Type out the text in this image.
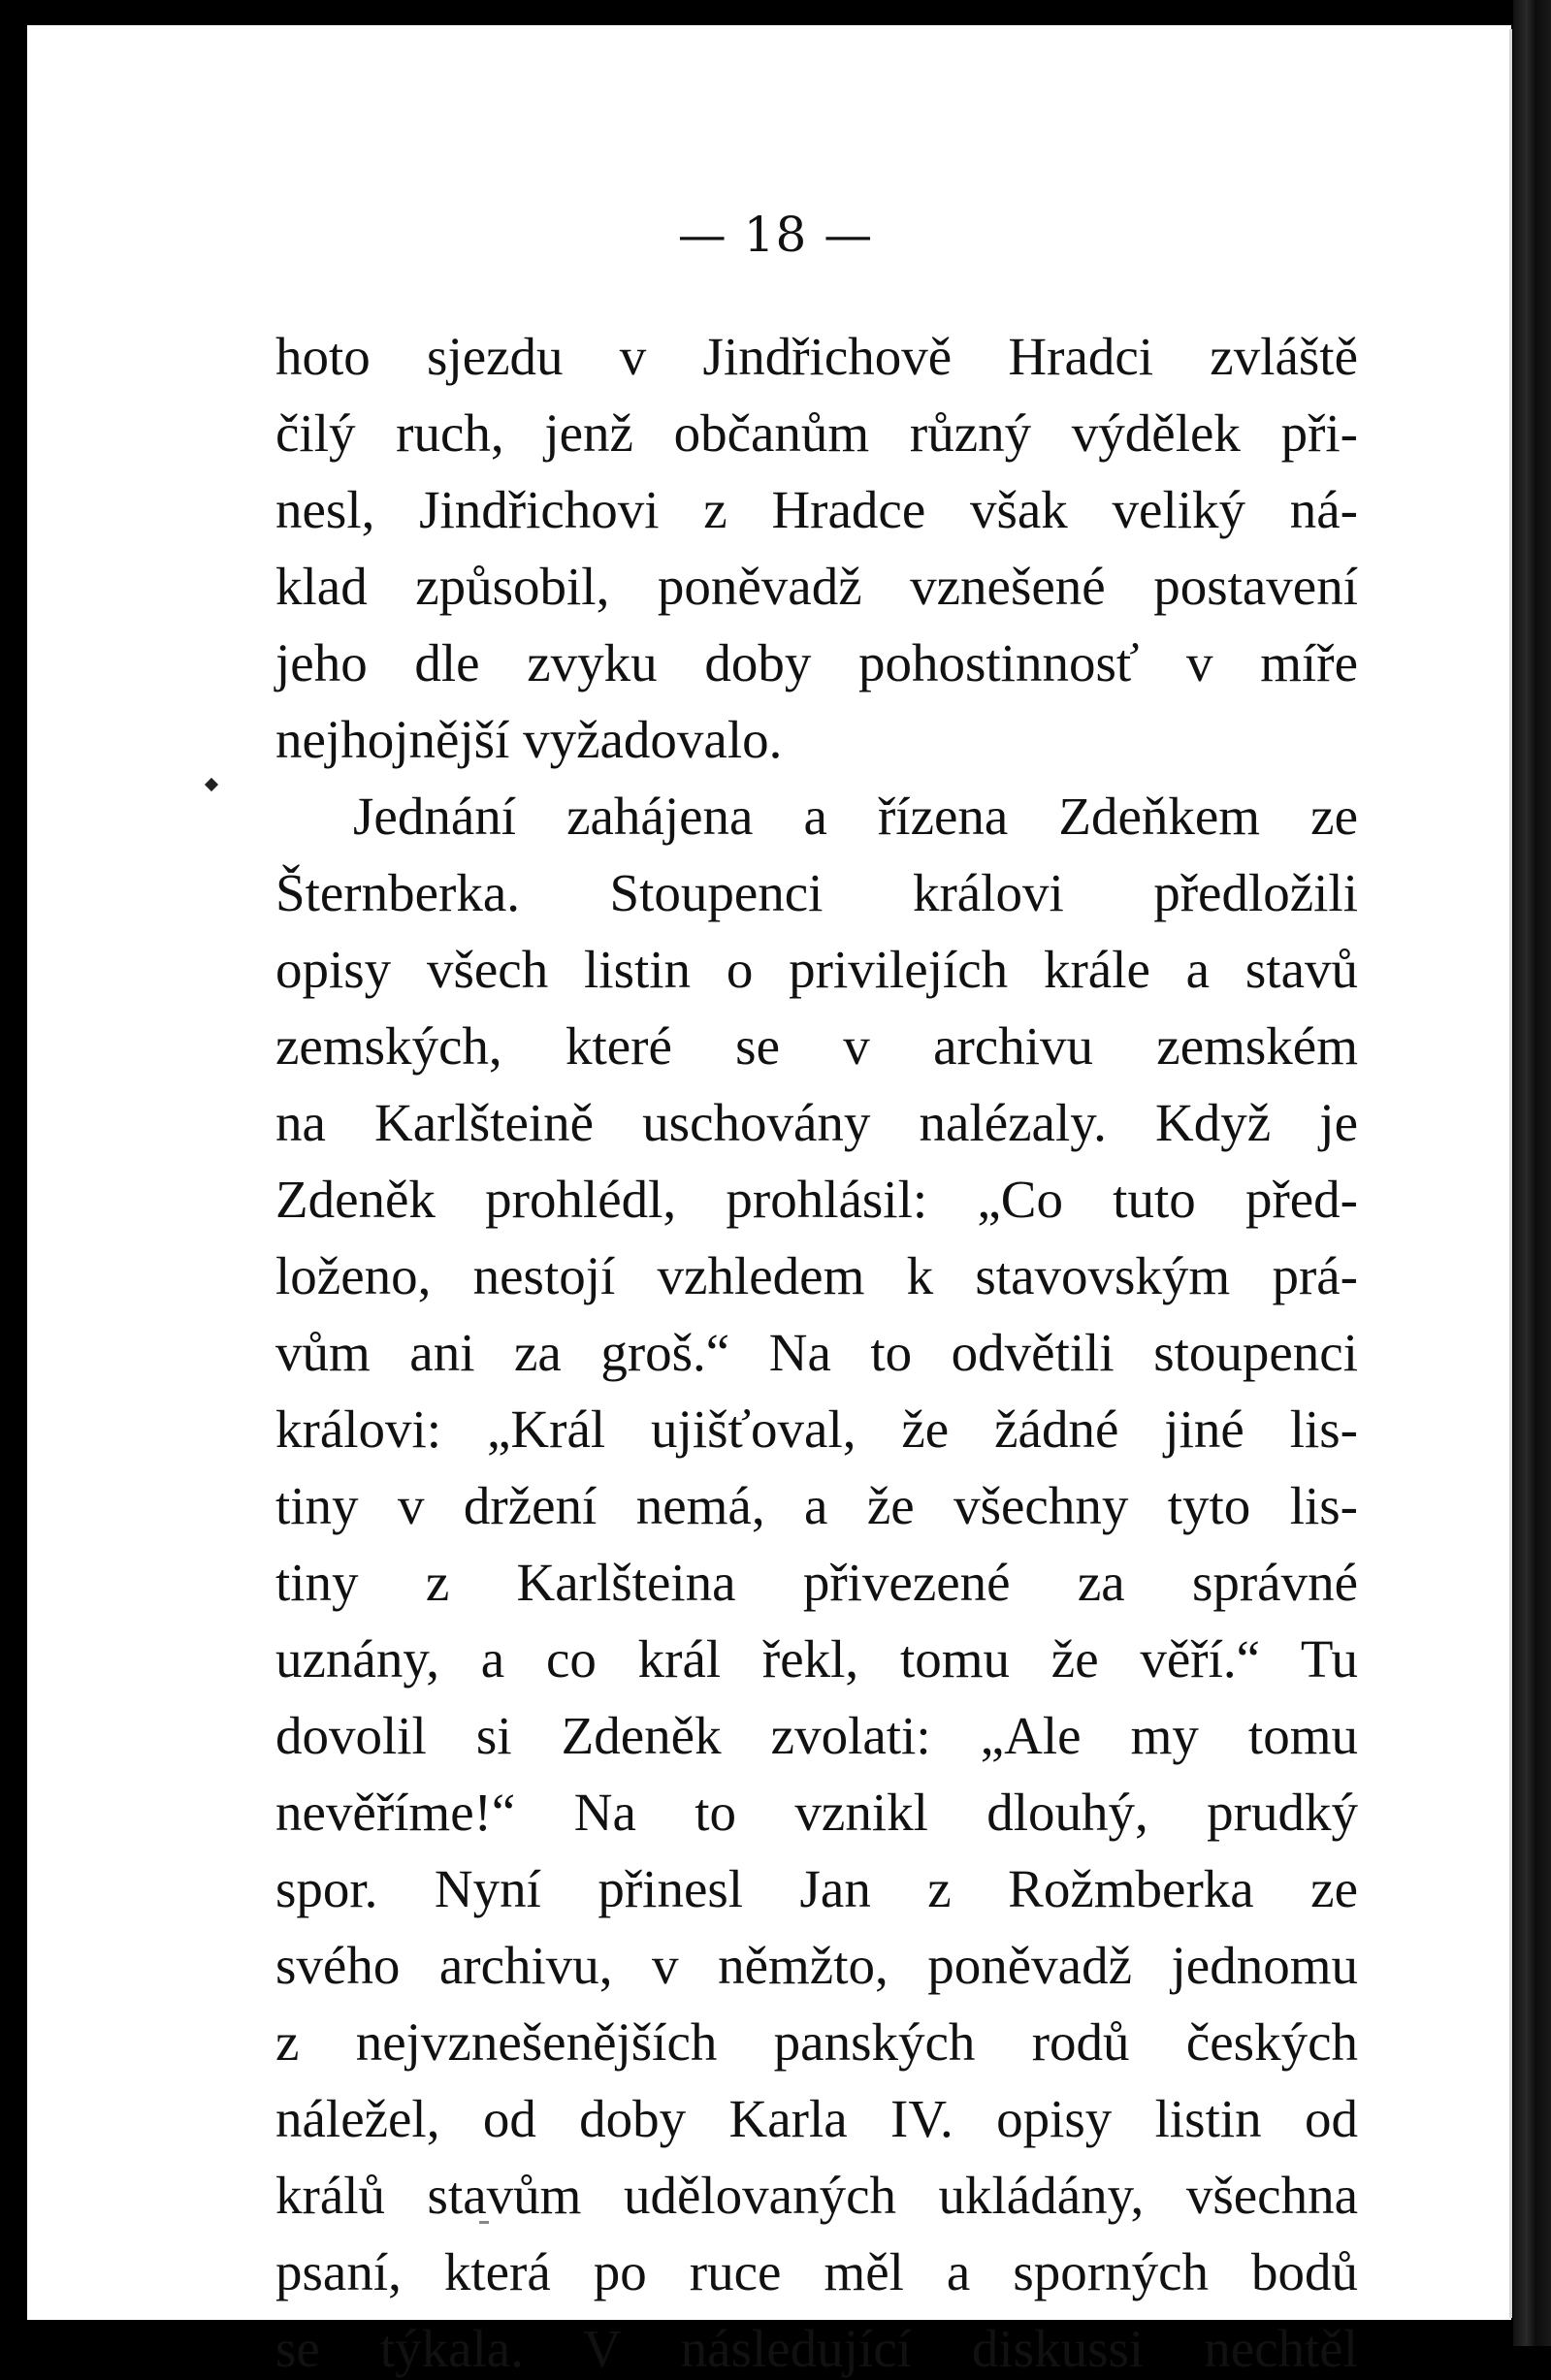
— 18 —
hoto sjezdu v Jindřichově Hradci zvláště
čilý ruch, jenž občanům různý výdělek při-
nesl, Jindřichovi z Hradce však veliký ná-
klad způsobil, poněvadž vznešené postavení
jeho dle zvyku doby pohostinnosť v míře
nejhojnější vyžadovalo.
Jednání zahájena a řízena Zdeňkem ze
Šternberka. Stoupenci královi předložili
opisy všech listin o privilejích krále a stavů
zemských, které se v archivu zemském
na Karlšteině uschovány nalézaly. Když je
Zdeněk prohlédl, prohlásil: „Co tuto před-
loženo, nestojí vzhledem k stavovským prá-
vům ani za groš.“ Na to odvětili stoupenci
královi: „Král ujišťoval, že žádné jiné lis-
tiny v držení nemá, a že všechny tyto lis-
tiny z Karlšteina přivezené za správné
uznány, a co král řekl, tomu že věří.“ Tu
dovolil si Zdeněk zvolati: „Ale my tomu
nevěříme!“ Na to vznikl dlouhý, prudký
spor. Nyní přinesl Jan z Rožmberka ze
svého archivu, v němžto, poněvadž jednomu
z nejvznešenějších panských rodů českých
náležel, od doby Karla IV. opisy listin od
králů stavům udělovaných ukládány, všechna
psaní, která po ruce měl a sporných bodů
se týkala. V následující diskussi nechtěl
